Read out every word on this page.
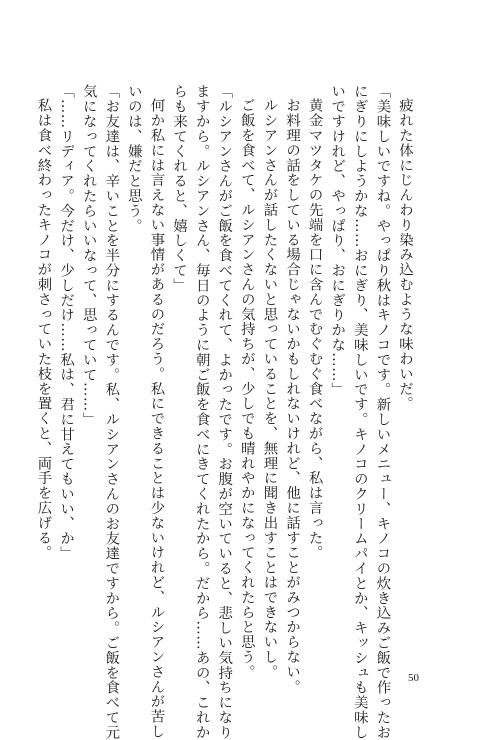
疲れた体にじんわり染み込むような味わいだ。
「美味しいですね。やっぱり秋はキノコです。新しいメニュー、キノコの炊き込みご飯で作ったお
にぎりにしようかな……おにぎり、美味しいです。キノコのクリームパイとか、キッシュも美味し
いですけれど、やっぱり、おにぎりかな……」
黄金マツタケの先端を口に含んでむぐむぐ食べながら、私は言った。
お料理の話をしている場合じゃないかもしれないけれど、他に話すことがみつからない。
ルシアンさんが話したくないと思っていることを、無理に聞き出すことはできないし。
ご飯を食べて、ルシアンさんの気持ちが、少しでも晴れやかになってくれたらと思う。
「ルシアンさんがご飯を食べてくれて、よかったです。お腹が空いていると、悲しい気持ちになり
ますから。ルシアンさん、毎日のように朝ご飯を食べにきてくれたから。だから……あの、これか
らも来てくれると、嬉しくて」
何か私には言えない事情があるのだろう。私にできることは少ないけれど、ルシアンさんが苦し
いのは、嫌だと思う。
「お友達は、辛いことを半分にするんです。私、ルシアンさんのお友達ですから。ご飯を食べて元
気になってくれたらいいなって、思っていて……」
「……リディア。今だけ、少しだけ……私は、君に甘えてもいい、か」
私は食べ終わったキノコが刺さっていた枝を置くと、両手を広げる。
50
